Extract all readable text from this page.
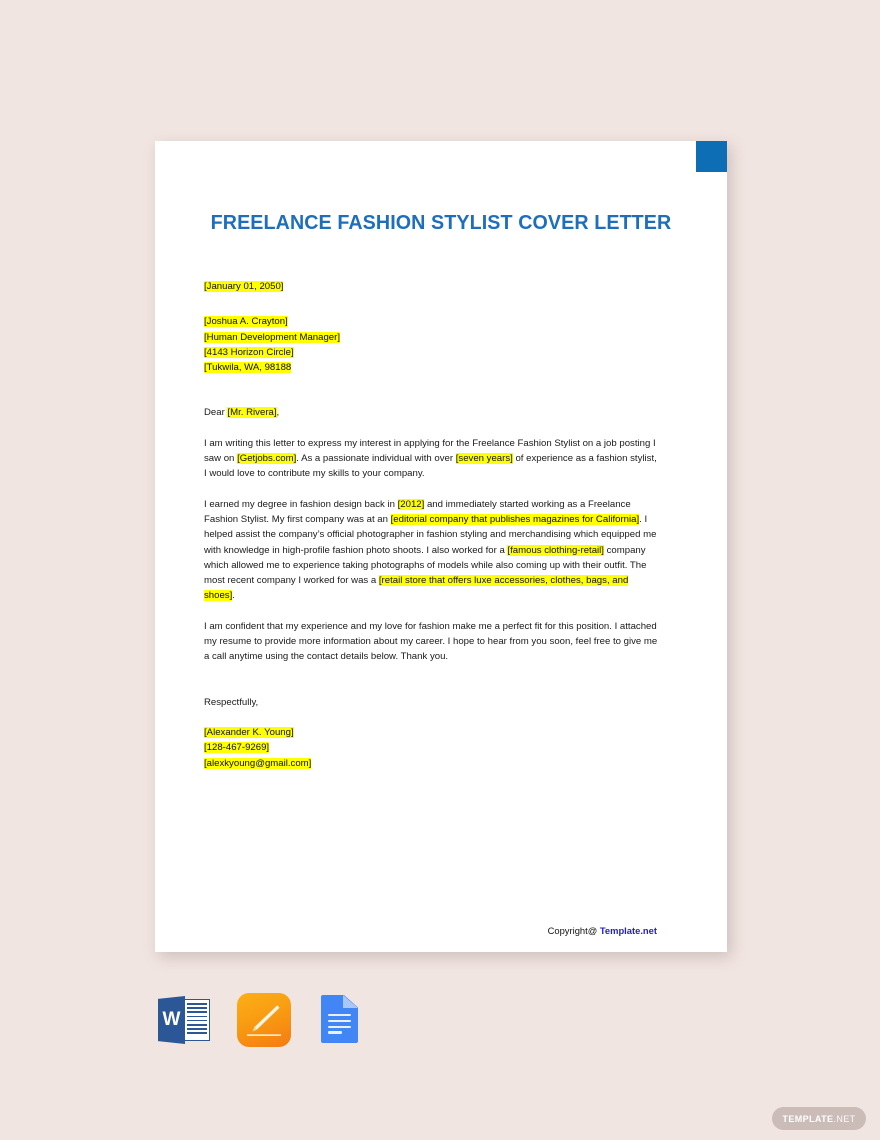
FREELANCE FASHION STYLIST COVER LETTER

[January 01, 2050]

[Joshua A. Crayton]

[Human Development Manager]

[4143 Horizon Circle]

[Tukwila, WA, 98188

Dear [Mr. Rivera],

I am writing this letter to express my interest in applying for the Freelance Fashion Stylist on a job posting I saw on [Getjobs.com]. As a passionate individual with over [seven years] of experience as a fashion stylist, I would love to contribute my skills to your company.

I earned my degree in fashion design back in [2012] and immediately started working as a Freelance Fashion Stylist. My first company was at an [editorial company that publishes magazines for California]. I helped assist the company’s official photographer in fashion styling and merchandising which equipped me with knowledge in high-profile fashion photo shoots. I also worked for a [famous clothing-retail] company which allowed me to experience taking photographs of models while also coming up with their outfit. The most recent company I worked for was a [retail store that offers luxe accessories, clothes, bags, and shoes].

I am confident that my experience and my love for fashion make me a perfect fit for this position. I attached my resume to provide more information about my career. I hope to hear from you soon, feel free to give me a call anytime using the contact details below. Thank you.

Respectfully,

[Alexander K. Young]

[128-467-9269]

[alexkyoung@gmail.com]

Copyright@ Template.net
W
TEMPLATE .NET
